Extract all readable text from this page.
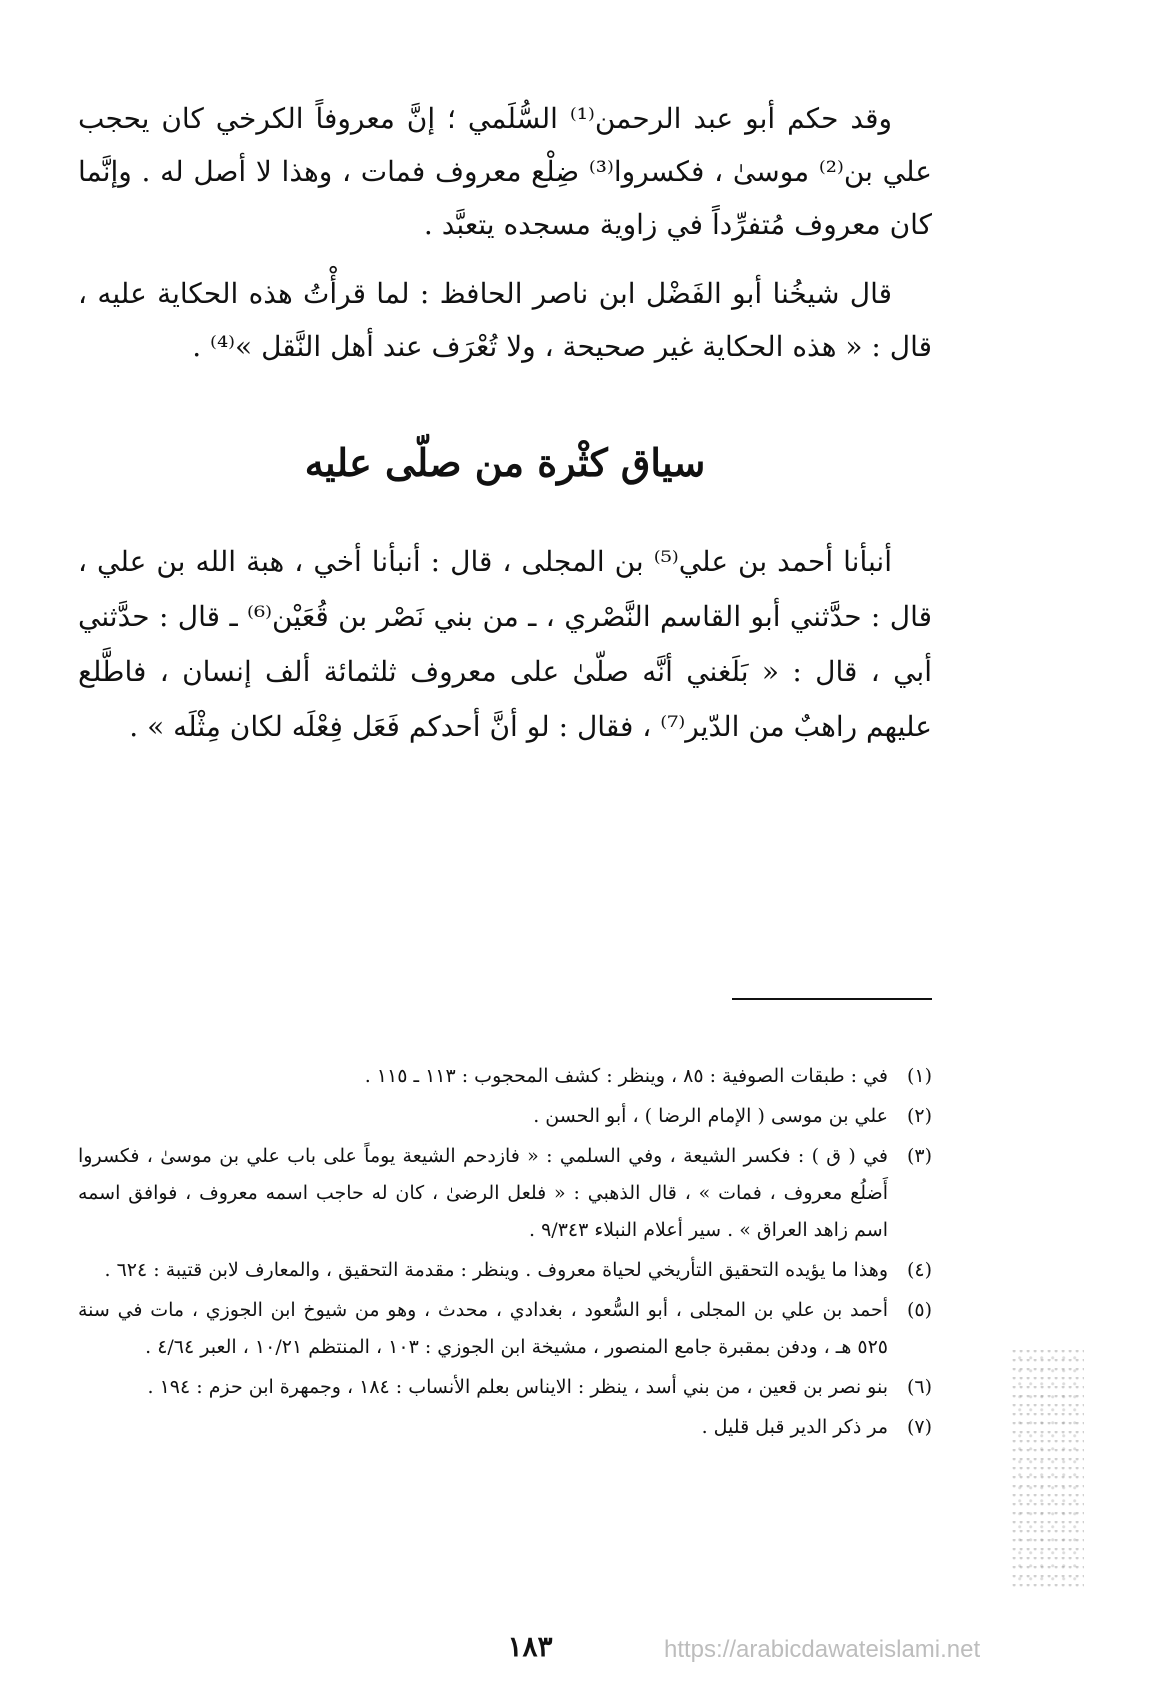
وقد حكم أبو عبد الرحمن⁽¹⁾ السُّلَمي ؛ إنَّ معروفاً الكرخي كان يحجب علي بن⁽²⁾ موسىٰ ، فكسروا⁽³⁾ ضِلْع معروف فمات ، وهذا لا أصل له . وإنَّما كان معروف مُتفرِّداً في زاوية مسجده يتعبَّد .

قال شيخُنا أبو الفَضْل ابن ناصر الحافظ : لما قرأْتُ هذه الحكاية عليه ، قال : « هذه الحكاية غير صحيحة ، ولا تُعْرَف عند أهل النَّقل »⁽⁴⁾ .

سياق كثْرة من صلّى عليه

أنبأنا أحمد بن علي⁽⁵⁾ بن المجلى ، قال : أنبأنا أخي ، هبة الله بن علي ، قال : حدَّثني أبو القاسم النَّصْري ، ـ من بني نَصْر بن قُعَيْن⁽⁶⁾ ـ قال : حدَّثني أبي ، قال : « بَلَغني أنَّه صلّىٰ على معروف ثلثمائة ألف إنسان ، فاطَّلع عليهم راهبٌ من الدّير⁽⁷⁾ ، فقال : لو أنَّ أحدكم فَعَل فِعْلَه لكان مِثْلَه » .

(١)
في : طبقات الصوفية : ٨٥ ، وينظر : كشف المحجوب : ١١٣ ـ ١١٥ .
(٢)
علي بن موسى ( الإمام الرضا ) ، أبو الحسن .
(٣)
في ( ق ) : فكسر الشيعة ، وفي السلمي : « فازدحم الشيعة يوماً على باب علي بن موسىٰ ، فكسروا أَضلُع معروف ، فمات » ، قال الذهبي : « فلعل الرضىٰ ، كان له حاجب اسمه معروف ، فوافق اسمه اسم زاهد العراق » . سير أعلام النبلاء ٩/٣٤٣ .
(٤)
وهذا ما يؤيده التحقيق التأريخي لحياة معروف . وينظر : مقدمة التحقيق ، والمعارف لابن قتيبة : ٦٢٤ .
(٥)
أحمد بن علي بن المجلى ، أبو السُّعود ، بغدادي ، محدث ، وهو من شيوخ ابن الجوزي ، مات في سنة ٥٢٥ هـ ، ودفن بمقبرة جامع المنصور ، مشيخة ابن الجوزي : ١٠٣ ، المنتظم ١٠/٢١ ، العبر ٤/٦٤ .
(٦)
بنو نصر بن قعين ، من بني أسد ، ينظر : الايناس بعلم الأنساب : ١٨٤ ، وجمهرة ابن حزم : ١٩٤ .
(٧)
مر ذكر الدير قبل قليل .
١٨٣	https://arabicdawateislami.net
